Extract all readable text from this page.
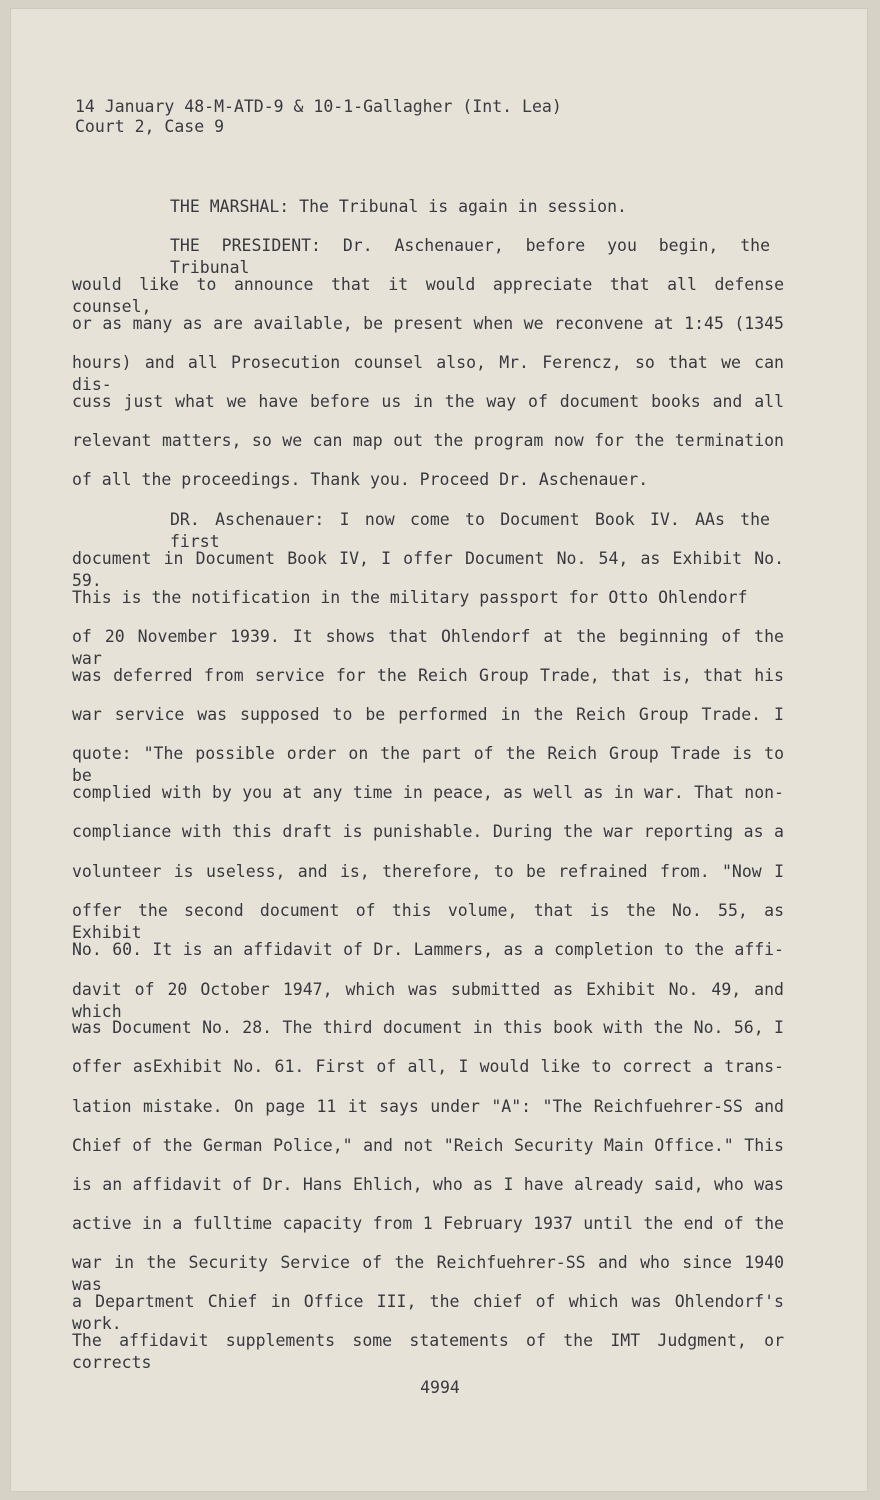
14 January 48-M-ATD-9 & 10-1-Gallagher (Int. Lea)
Court 2, Case 9
THE MARSHAL: The Tribunal is again in session.
THE PRESIDENT: Dr. Aschenauer, before you begin, the Tribunal
would like to announce that it would appreciate that all defense counsel,
or as many as are available, be present when we reconvene at 1:45 (1345
hours) and all Prosecution counsel also, Mr. Ferencz, so that we can dis-
cuss just what we have before us in the way of document books and all
relevant matters, so we can map out the program now for the termination
of all the proceedings. Thank you. Proceed Dr. Aschenauer.
DR. Aschenauer: I now come to Document Book IV. AAs the first
document in Document Book IV, I offer Document No. 54, as Exhibit No. 59.
This is the notification in the military passport for Otto Ohlendorf
of 20 November 1939. It shows that Ohlendorf at the beginning of the war
was deferred from service for the Reich Group Trade, that is, that his
war service was supposed to be performed in the Reich Group Trade. I
quote: "The possible order on the part of the Reich Group Trade is to be
complied with by you at any time in peace, as well as in war. That non-
compliance with this draft is punishable. During the war reporting as a
volunteer is useless, and is, therefore, to be refrained from. "Now I
offer the second document of this volume, that is the No. 55, as Exhibit
No. 60. It is an affidavit of Dr. Lammers, as a completion to the affi-
davit of 20 October 1947, which was submitted as Exhibit No. 49, and which
was Document No. 28. The third document in this book with the No. 56, I
offer asExhibit No. 61. First of all, I would like to correct a trans-
lation mistake. On page 11 it says under "A": "The Reichfuehrer-SS and
Chief of the German Police," and not "Reich Security Main Office." This
is an affidavit of Dr. Hans Ehlich, who as I have already said, who was
active in a fulltime capacity from 1 February 1937 until the end of the
war in the Security Service of the Reichfuehrer-SS and who since 1940 was
a Department Chief in Office III, the chief of which was Ohlendorf's work.
The affidavit supplements some statements of the IMT Judgment, or corrects
4994
